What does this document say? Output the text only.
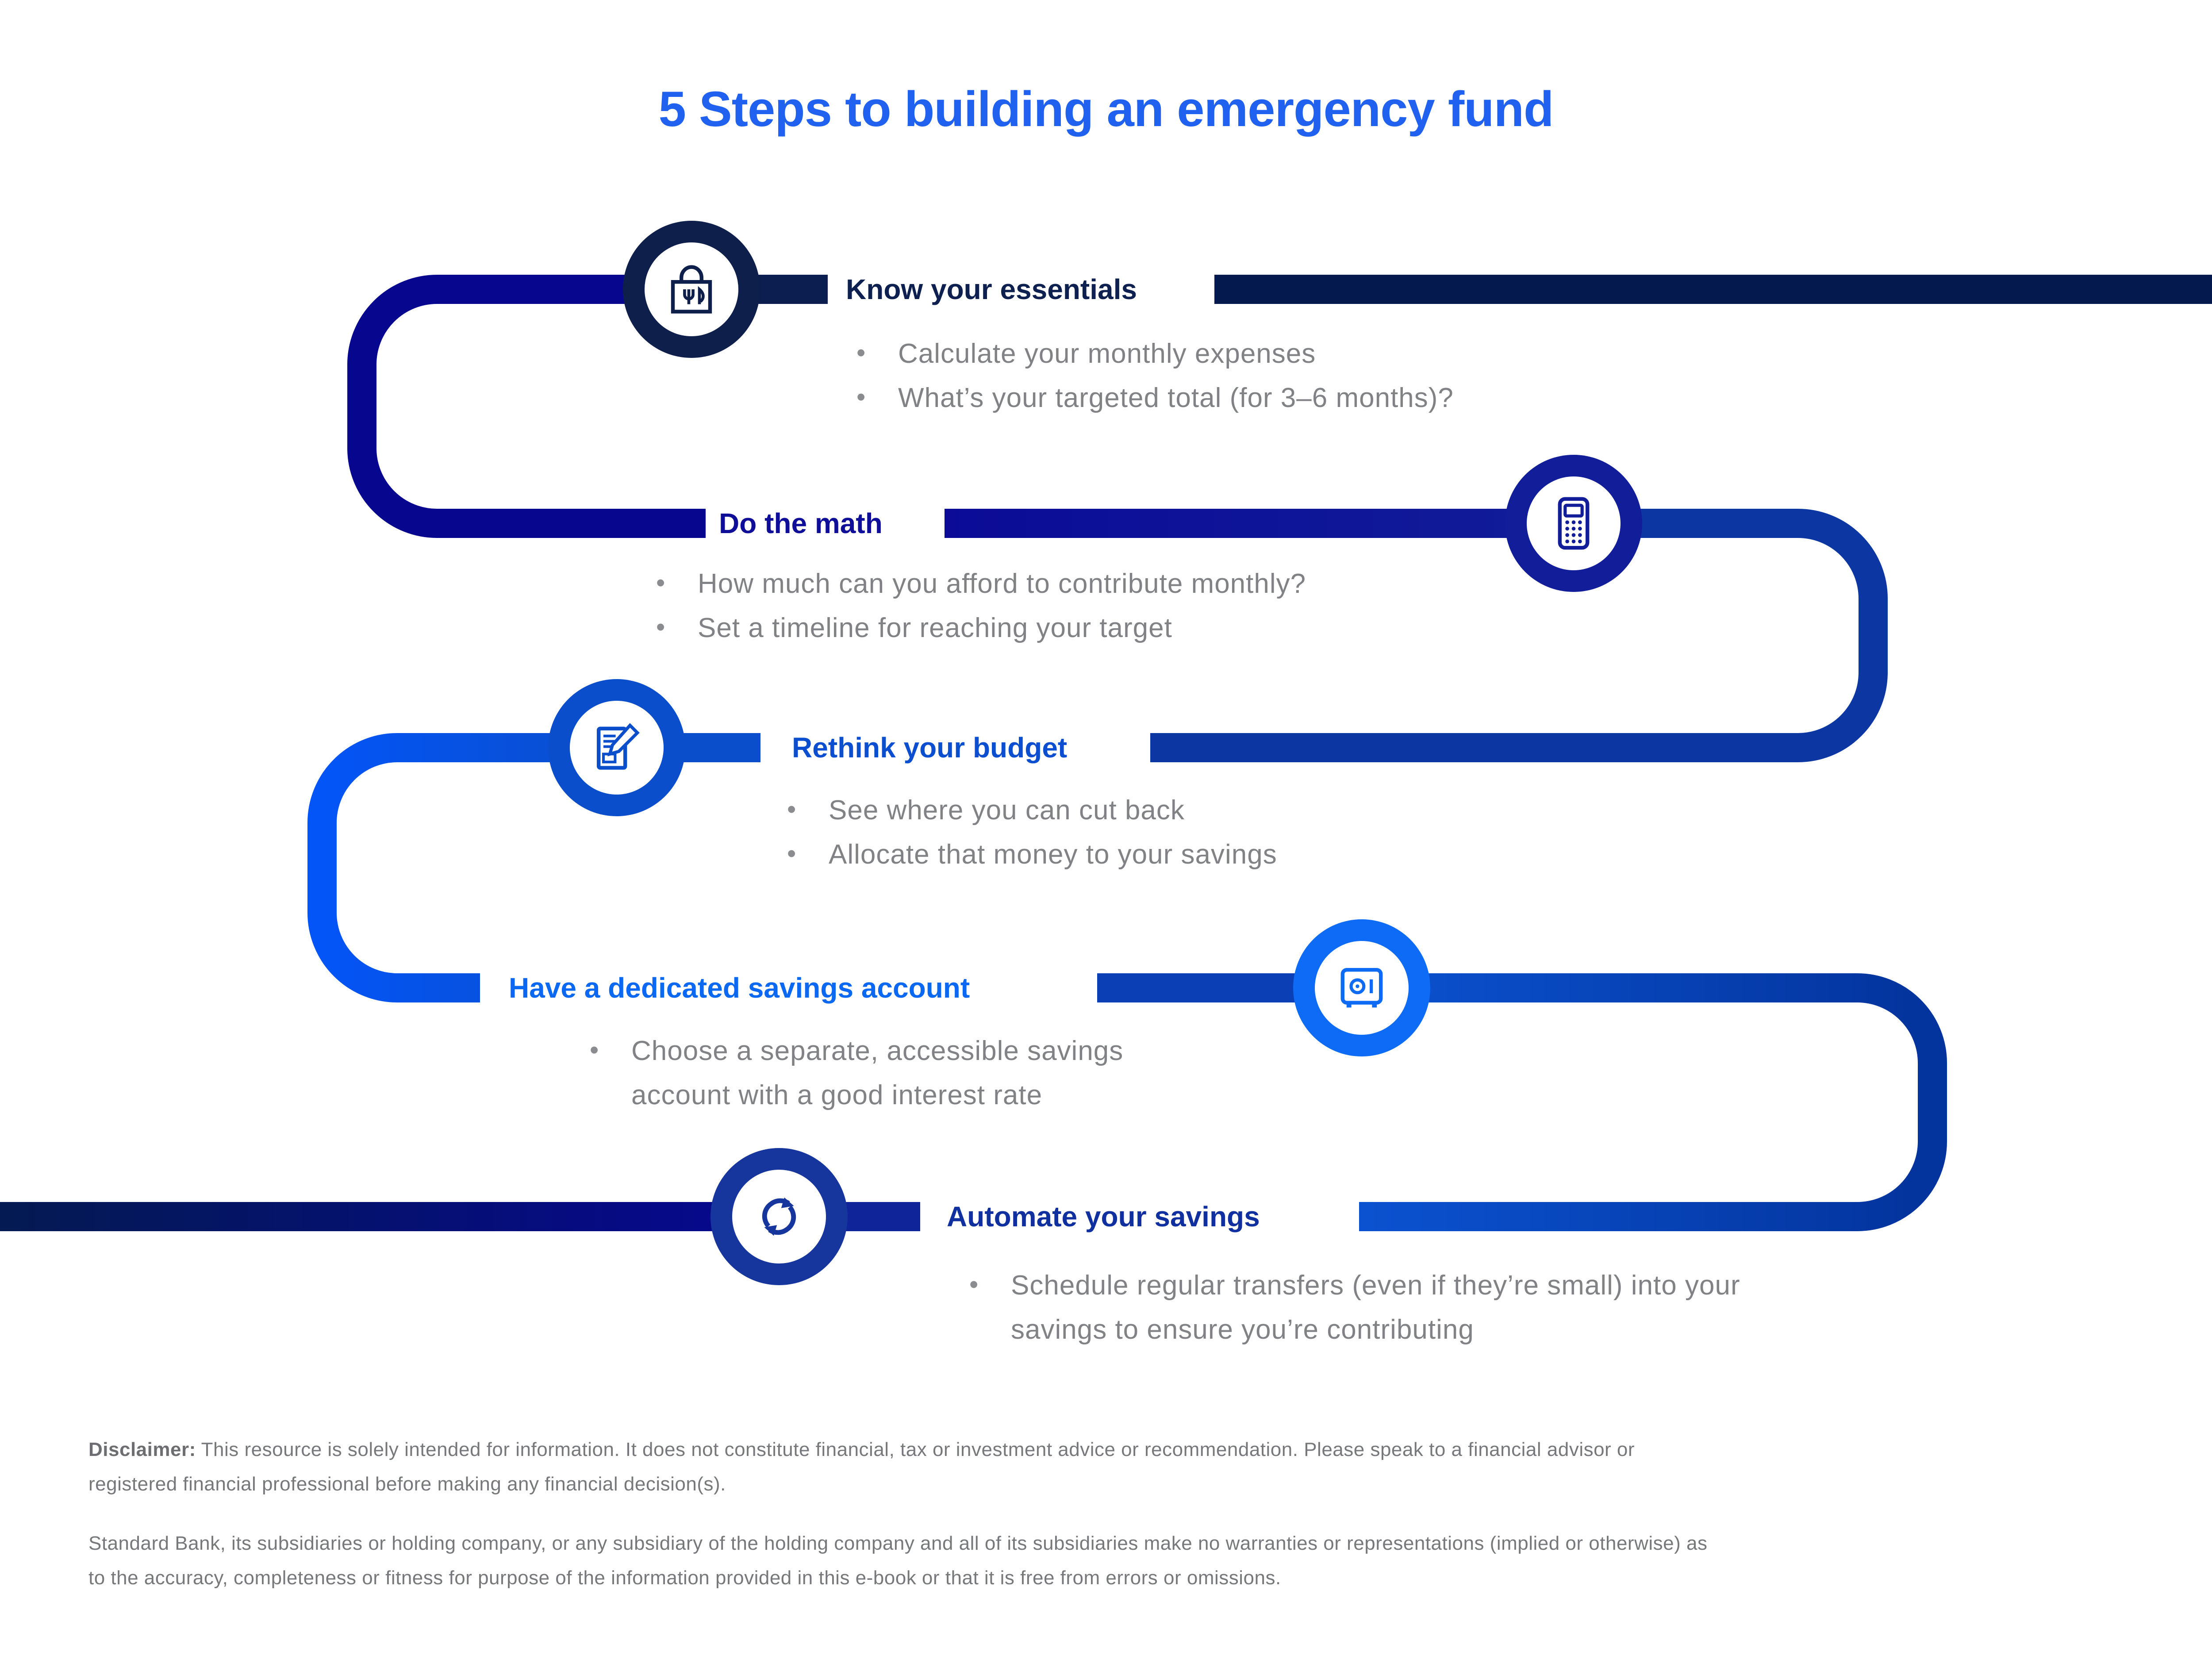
5 Steps to building an emergency fund
Know your essentials
Do the math
Rethink your budget
Have a dedicated savings account
Automate your savings
• Calculate your monthly expenses
• What’s your targeted total (for 3–6 months)?
• How much can you afford to contribute monthly?
• Set a timeline for reaching your target
• See where you can cut back
• Allocate that money to your savings
• Choose a separate, accessible savings account with a good interest rate
• Schedule regular transfers (even if they’re small) into your savings to ensure you’re contributing
Disclaimer: This resource is solely intended for information. It does not constitute financial, tax or investment advice or recommendation. Please speak to a financial advisor or
registered financial professional before making any financial decision(s).
Standard Bank, its subsidiaries or holding company, or any subsidiary of the holding company and all of its subsidiaries make no warranties or representations (implied or otherwise) as
to the accuracy, completeness or fitness for purpose of the information provided in this e-book or that it is free from errors or omissions.
